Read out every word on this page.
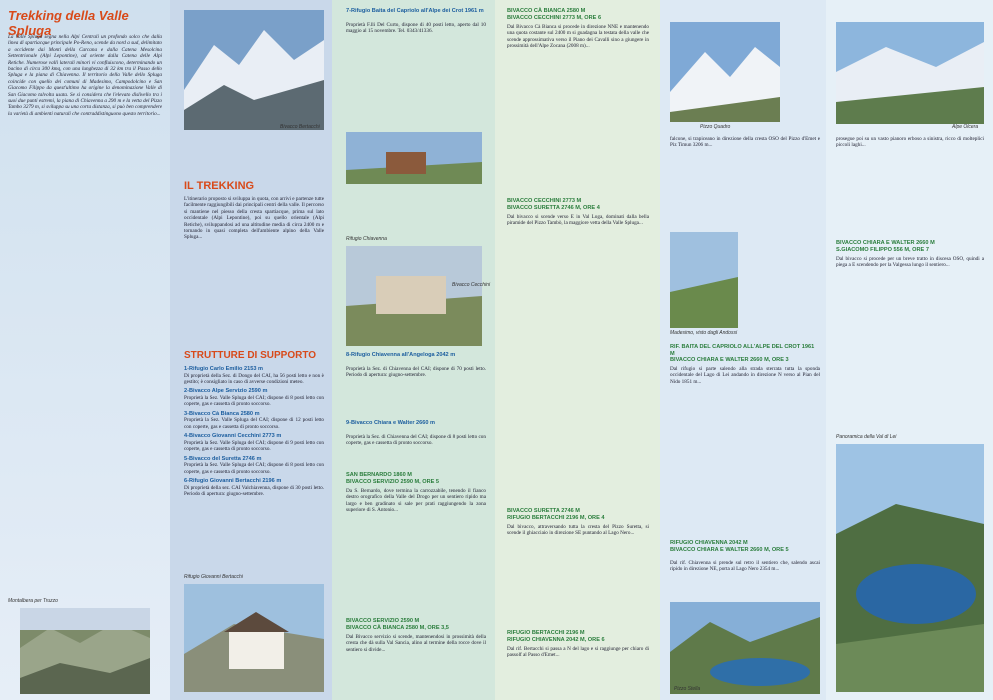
Trekking della Valle Spluga
La Valle Spluga segna nella Alpi Centrali un profondo solco che dalla linea di spartiacque principale Po-Reno, scende da nord a sud, delimitato a occidente dai Monti della Carcana e dalla Catena Mesolcina Settentrionale (Alpi Lepontine), ad oriente dalla Catena delle Alpi Retiche. Numerose valli laterali minori vi confluiscono, determinando un bacino di circa 300 kmq, con una lunghezza di 32 km tra il Passo dello Spluga e la piana di Chiavenna. Il territorio della Valle dello Spluga coincide con quello dei comuni di Madesimo, Campodolcino e San Giacomo Filippo da quest'ultimo ha origine la denominazione Valle di San Giacomo talvolta usata. Se si considera che l'elevato dislivello tra i suoi due punti estremi, la piana di Chiavenna a 290 m e la vetta del Pizzo Tambo 3279 m, si sviluppa su una corta distanza, si può ben comprendere la varietà di ambienti naturali che contraddistinguono questo territorio...
Montalbera per Truzzo
Bivacco Bertacchi
IL TREKKING
L'itinerario proposto si sviluppa in quota, con arrivi e partenze tutte facilmente raggiungibili dai principali centri della valle. Il percorso si mantiene nel piesso della cresta spartiacque, prima sul lato occidentale (Alpi Lepontine), poi su quello orientale (Alpi Retiche), sviluppandosi ad una altitudine media di circa 2400 m e tornando in quasi completa dell'ambiente alpino della Valle Spluga...
STRUTTURE DI SUPPORTO
1-Rifugio Carlo Emilio 2153 m
Di proprietà della Sez. di Dongo del CAI, ha 56 posti letto e non è gestito; è consigliato in caso di avverse condizioni meteo.
2-Bivacco Alpe Servizio 2590 m
Proprietà la Sez. Valle Spluga del CAI; dispone di 8 posti letto con coperte, gas e cassetta di pronto soccorso.
3-Bivacco Cà Bianca 2580 m
Proprietà la Sez. Valle Spluga del CAI; dispone di 12 posti letto con coperte, gas e cassetta di pronto soccorso.
4-Bivacco Giovanni Cecchini 2773 m
Proprietà la Sez. Valle Spluga del CAI; dispone di 9 posti letto con coperte, gas e cassetta di pronto soccorso.
5-Bivacco del Suretta 2746 m
Proprietà la Sez. Valle Spluga del CAI; dispone di 8 posti letto con coperte, gas e cassetta di pronto soccorso.
6-Rifugio Giovanni Bertacchi 2196 m
Di proprietà della sez. CAI Valchiavenna, dispone di 30 posti letto. Periodo di apertura: giugno-settembre.
Rifugio Giovanni Bertacchi
7-Rifugio Baita del Capriolo all'Alpe dei Crot 1961 m
Proprietà F.lli Del Curto, dispone di 40 posti letto, aperto dal 10 maggio al 15 novembre. Tel. 0343/41336.
Rifugio Chiavenna
Bivacco Cecchini
8-Rifugio Chiavenna all'Angeloga 2042 m
Proprietà la Sez. di Chiavenna del CAI; dispone di 70 posti letto. Periodo di apertura: giugno-settembre.
9-Bivacco Chiara e Walter 2660 m
Proprietà la Sez. di Chiavenna del CAI; dispone di 8 posti letto con coperte, gas e cassetta di pronto soccorso.
SAN BERNARDO 1860 M
BIVACCO SERVIZIO 2590 M, ORE 5
Da S. Bernardo, dove termina la carrozzabile, tenendo il fianco destro orografico della Valle del Drogo per un sentiero ripido ma largo e ben gradinato si sale per prati raggiungendo la zona superiore di S. Antonio...
BIVACCO SERVIZIO 2590 M
BIVACCO CÀ BIANCA 2580 M, ORE 3,5
Dal Bivacco servizio si scende, mantenendosi in prossimità della cresta che dà sulla Val Sancia, alino al termine della rocce dove il sentiero si divide...
BIVACCO CÀ BIANCA 2580 M
BIVACCO CECCHINI 2773 M, ORE 6
Dal Bivacco Cà Bianca si procede in direzione NNE e mantenendo una quota costante sul 2400 m si guadagna la testata della valle che scende approssimativa verso il Piano dei Cavalli sino a giungere in prossimità dell'Alpe Zocana (2008 m)...
BIVACCO CECCHINI 2773 M
BIVACCO SURETTA 2746 M, ORE 4
Dal bivacco si scende verso E in Val Loga, dominati dalla bella piramide del Pizzo Tambò, la maggiore vetta della Valle Spluga...
BIVACCO SURETTA 2746 M
RIFUGIO BERTACCHI 2196 M, ORE 4
Dal bivacco, attraversando tutta la cresta del Pizzo Suretta, si scende il ghiacciaio in direzione SE puntando al Lago Nero...
RIFUGIO BERTACCHI 2196 M
RIFUGIO CHIAVENNA 2042 M, ORE 6
Dal rif. Bertacchi si passa a N del lago e si raggiunge per chiaro di passolf al Passo d'Emet...
Pizzo Quadro
falcone, si trapiceano in direzione della cresta OSO del Pizzo d'Emet e Piz Timun 3206 m...
Madesimo, visto dagli Andossi
RIF. BAITA DEL CAPRIOLO ALL'ALPE DEL CROT 1961 M
BIVACCO CHIARA E WALTER 2660 M, ORE 3
Dal rifugio si parte salendo alla strada sterrata tutta la sponda occidentale del Lago di Lei andando in direzione N verso al Pian del Nido 1851 m...
RIFUGIO CHIAVENNA 2042 M
BIVACCO CHIARA E WALTER 2660 M, ORE 5
Dal rif. Chiavenna si prende sul retro il sentiero che, salendo ascai ripido in direzione NE, porta al Lago Nero 2354 m...
Pizzo Stella
Alpe Olcera
prosegue poi su un vasto pianoro erboso a sinistra, ricco di molteplici piccoli laghi...
BIVACCO CHIARA E WALTER 2660 M
S.GIACOMO FILIPPO 556 M, ORE 7
Dal bivacco si procede per un breve tratto in discesa OSO, quindi a piega a E scendendo per la Valgessa lungo il sentiero...
Panoramica della Val di Lei
